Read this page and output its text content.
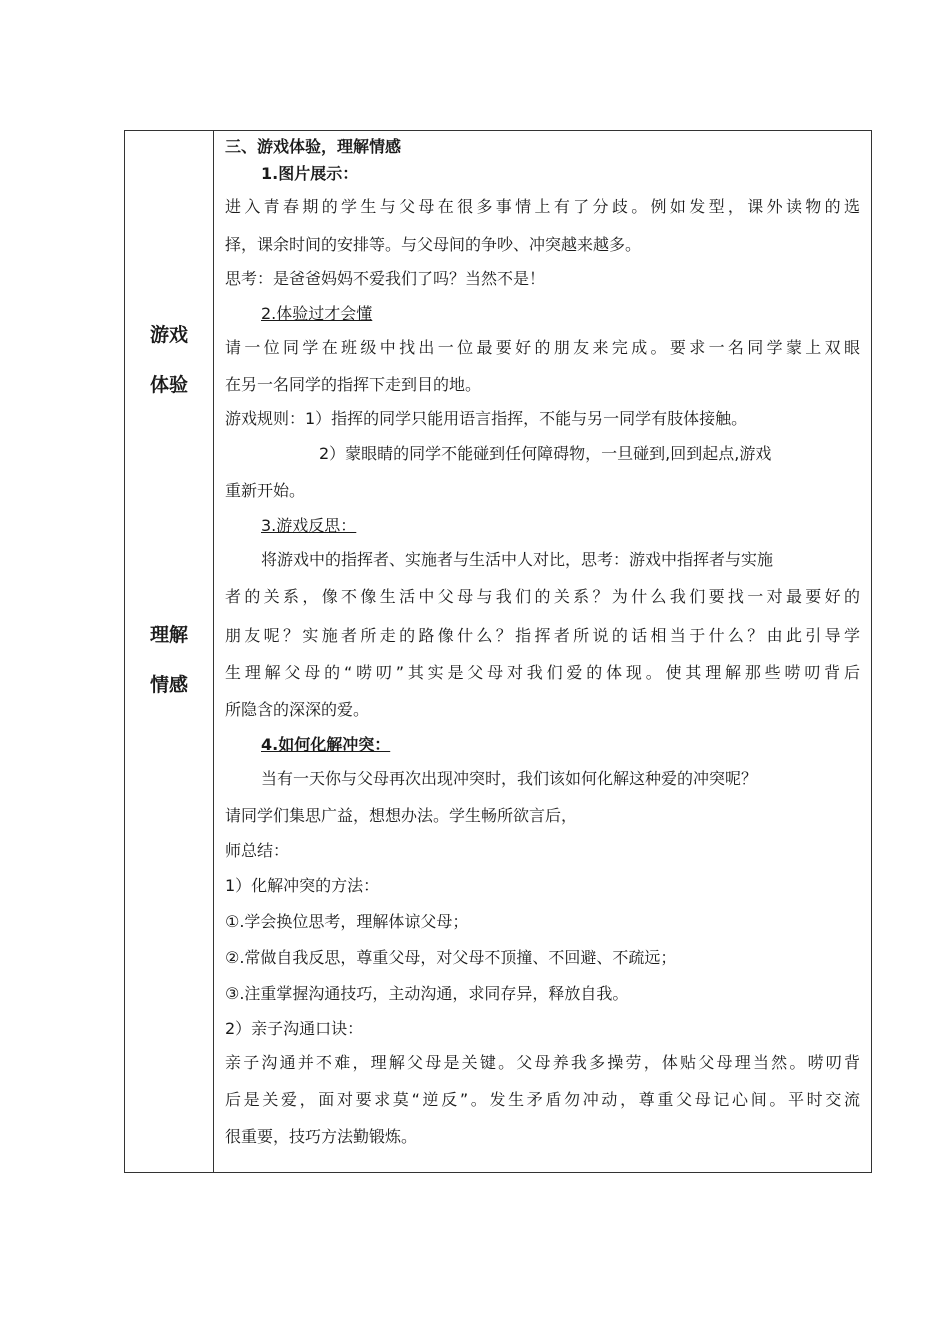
游戏
体验
理解
情感
三、游戏体验，理解情感
1.图片展示：
进入青春期的学生与父母在很多事情上有了分歧。例如发型，课外读物的选
择，课余时间的安排等。与父母间的争吵、冲突越来越多。
思考：是爸爸妈妈不爱我们了吗？当然不是！
2.体验过才会懂
请一位同学在班级中找出一位最要好的朋友来完成。要求一名同学蒙上双眼
在另一名同学的指挥下走到目的地。
游戏规则：1）指挥的同学只能用语言指挥，不能与另一同学有肢体接触。
2）蒙眼睛的同学不能碰到任何障碍物，一旦碰到,回到起点,游戏
重新开始。
3.游戏反思：
将游戏中的指挥者、实施者与生活中人对比，思考：游戏中指挥者与实施
者的关系，像不像生活中父母与我们的关系？为什么我们要找一对最要好的
朋友呢？实施者所走的路像什么？指挥者所说的话相当于什么？由此引导学
生理解父母的“唠叨”其实是父母对我们爱的体现。使其理解那些唠叨背后
所隐含的深深的爱。
4.如何化解冲突：
当有一天你与父母再次出现冲突时，我们该如何化解这种爱的冲突呢？
请同学们集思广益，想想办法。学生畅所欲言后，
师总结：
1）化解冲突的方法：
①.学会换位思考，理解体谅父母；
②.常做自我反思，尊重父母，对父母不顶撞、不回避、不疏远；
③.注重掌握沟通技巧，主动沟通，求同存异，释放自我。
2）亲子沟通口诀：
亲子沟通并不难，理解父母是关键。父母养我多操劳，体贴父母理当然。唠叨背
后是关爱，面对要求莫“逆反”。发生矛盾勿冲动，尊重父母记心间。平时交流
很重要，技巧方法勤锻炼。
